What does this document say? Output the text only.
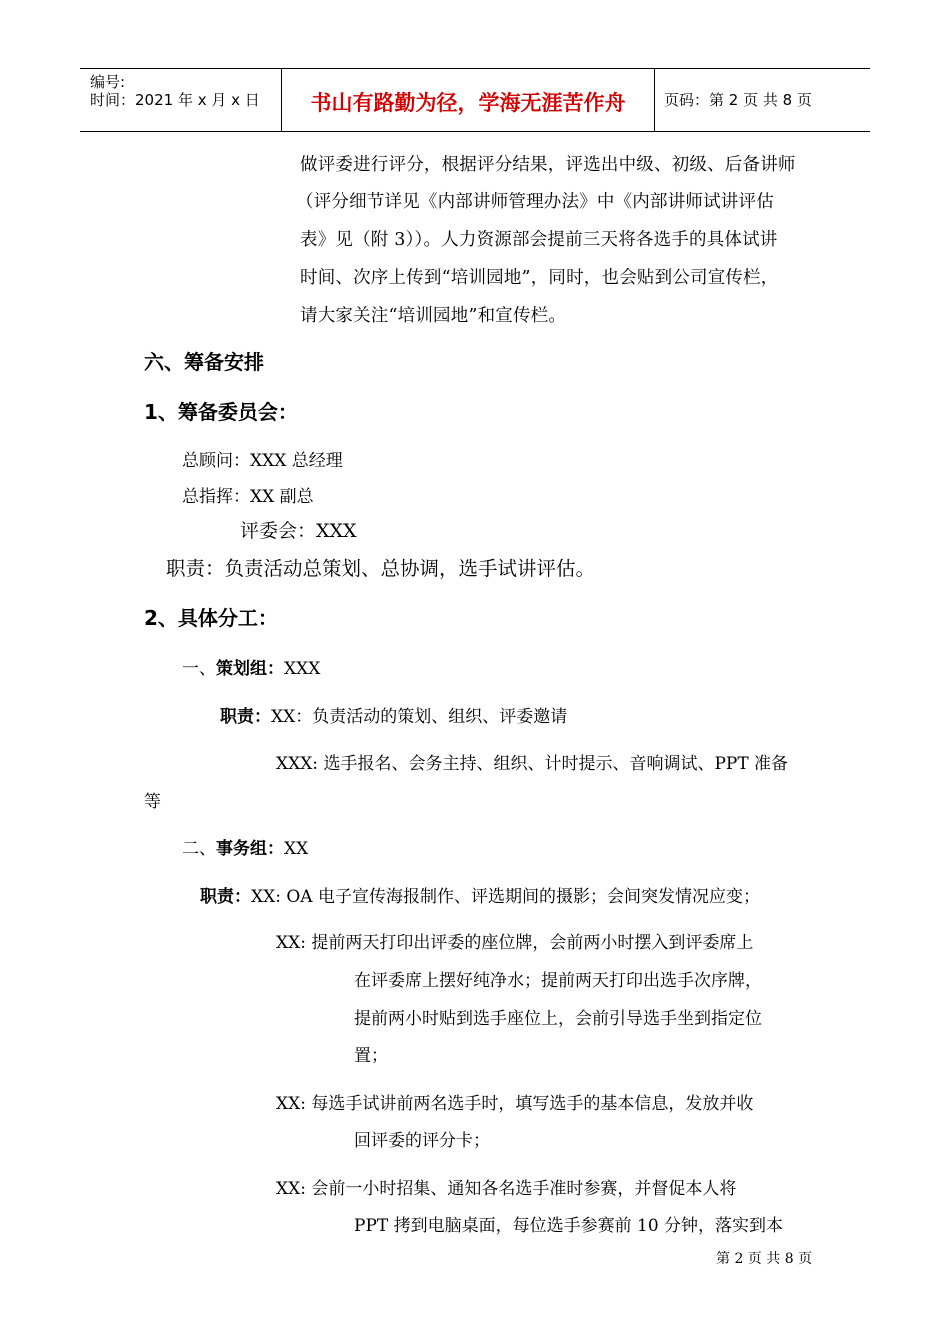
编号:
时间：2021 年 x 月 x 日	书山有路勤为径，学海无涯苦作舟	页码：第 2 页 共 8 页
做评委进行评分，根据评分结果，评选出中级、初级、后备讲师
（评分细节详见《内部讲师管理办法》中《内部讲师试讲评估
表》见（附 3））。人力资源部会提前三天将各选手的具体试讲
时间、次序上传到“培训园地”，同时，也会贴到公司宣传栏，
请大家关注“培训园地”和宣传栏。
六、筹备安排
1、筹备委员会：
总顾问：XXX 总经理
总指挥：XX 副总
评委会：XXX
职责：负责活动总策划、总协调，选手试讲评估。
2、具体分工：
一、策划组：XXX
职责：XX：负责活动的策划、组织、评委邀请
XXX: 选手报名、会务主持、组织、计时提示、音响调试、PPT 准备
等
二、事务组：XX
职责：XX: OA 电子宣传海报制作、评选期间的摄影；会间突发情况应变；
XX: 提前两天打印出评委的座位牌，会前两小时摆入到评委席上
在评委席上摆好纯净水；提前两天打印出选手次序牌，
提前两小时贴到选手座位上，会前引导选手坐到指定位
置；
XX: 每选手试讲前两名选手时，填写选手的基本信息，发放并收
回评委的评分卡；
XX: 会前一小时招集、通知各名选手准时参赛，并督促本人将
PPT 拷到电脑桌面，每位选手参赛前 10 分钟，落实到本
第 2 页 共 8 页
